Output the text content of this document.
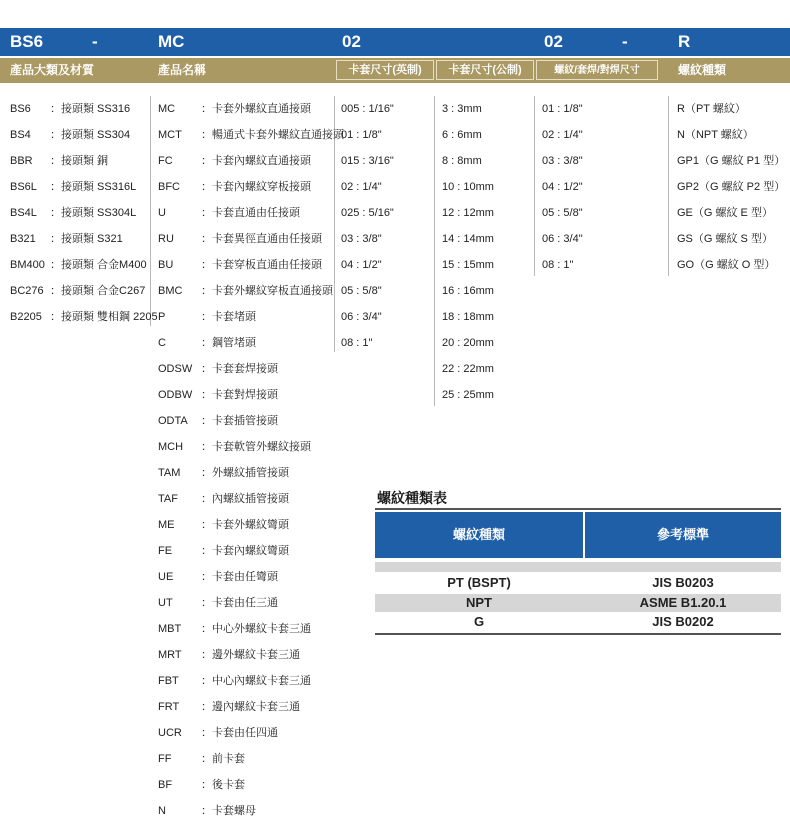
BS6	-	MC	02	02	-	R
產品大類及材質	產品名稱	卡套尺寸(英制)	卡套尺寸(公制)	螺紋/套焊/對焊尺寸	螺紋種類
BS6 ：接頭類 SS316
BS4 ：接頭類 SS304
BBR ：接頭類 銅
BS6L ：接頭類 SS316L
BS4L ：接頭類 SS304L
B321 ：接頭類 S321
BM400 ：接頭類 合金M400
BC276 ：接頭類 合金C267
B2205 ：接頭類 雙相鋼 2205
MC ：卡套外螺紋直通接頭
MCT ：暢通式卡套外螺紋直通接頭
FC	：卡套內螺紋直通接頭
BFC ：卡套內螺紋穿板接頭
U	：卡套直通由任接頭
RU ：卡套異徑直通由任接頭
BU	：卡套穿板直通由任接頭
BMC ：卡套外螺紋穿板直通接頭
P	：卡套堵頭
C	：鋼管堵頭
ODSW ：卡套套焊接頭
ODBW ：卡套對焊接頭
ODTA ：卡套插管接頭
MCH ：卡套軟管外螺紋接頭
TAM ：外螺紋插管接頭
TAF ：內螺紋插管接頭
ME ：卡套外螺紋彎頭
FE	：卡套內螺紋彎頭
UE	：卡套由任彎頭
UT	：卡套由任三通
MBT ：中心外螺紋卡套三通
MRT ：邊外螺紋卡套三通
FBT ：中心內螺紋卡套三通
FRT ：邊內螺紋卡套三通
UCR ：卡套由任四通
FF	：前卡套
BF	：後卡套
N	：卡套螺母
005 : 1/16"
01 : 1/8"
015 : 3/16"
02 : 1/4"
025 : 5/16"
03 : 3/8"
04 : 1/2"
05 : 5/8"
06 : 3/4"
08 : 1"
3 : 3mm
6 : 6mm
8 : 8mm
10 : 10mm
12 : 12mm
14 : 14mm
15 : 15mm
16 : 16mm
18 : 18mm
20 : 20mm
22 : 22mm
25 : 25mm
01 : 1/8"
02 : 1/4"
03 : 3/8"
04 : 1/2"
05 : 5/8"
06 : 3/4"
08 : 1"
R（PT 螺紋）
N（NPT 螺紋）
GP1（G 螺紋 P1 型）
GP2（G 螺紋 P2 型）
GE（G 螺紋 E 型）
GS（G 螺紋 S 型）
GO（G 螺紋 O 型）
螺紋種類表
螺紋種類	參考標準
PT (BSPT)	JIS B0203
NPT	ASME B1.20.1
G	JIS B0202
